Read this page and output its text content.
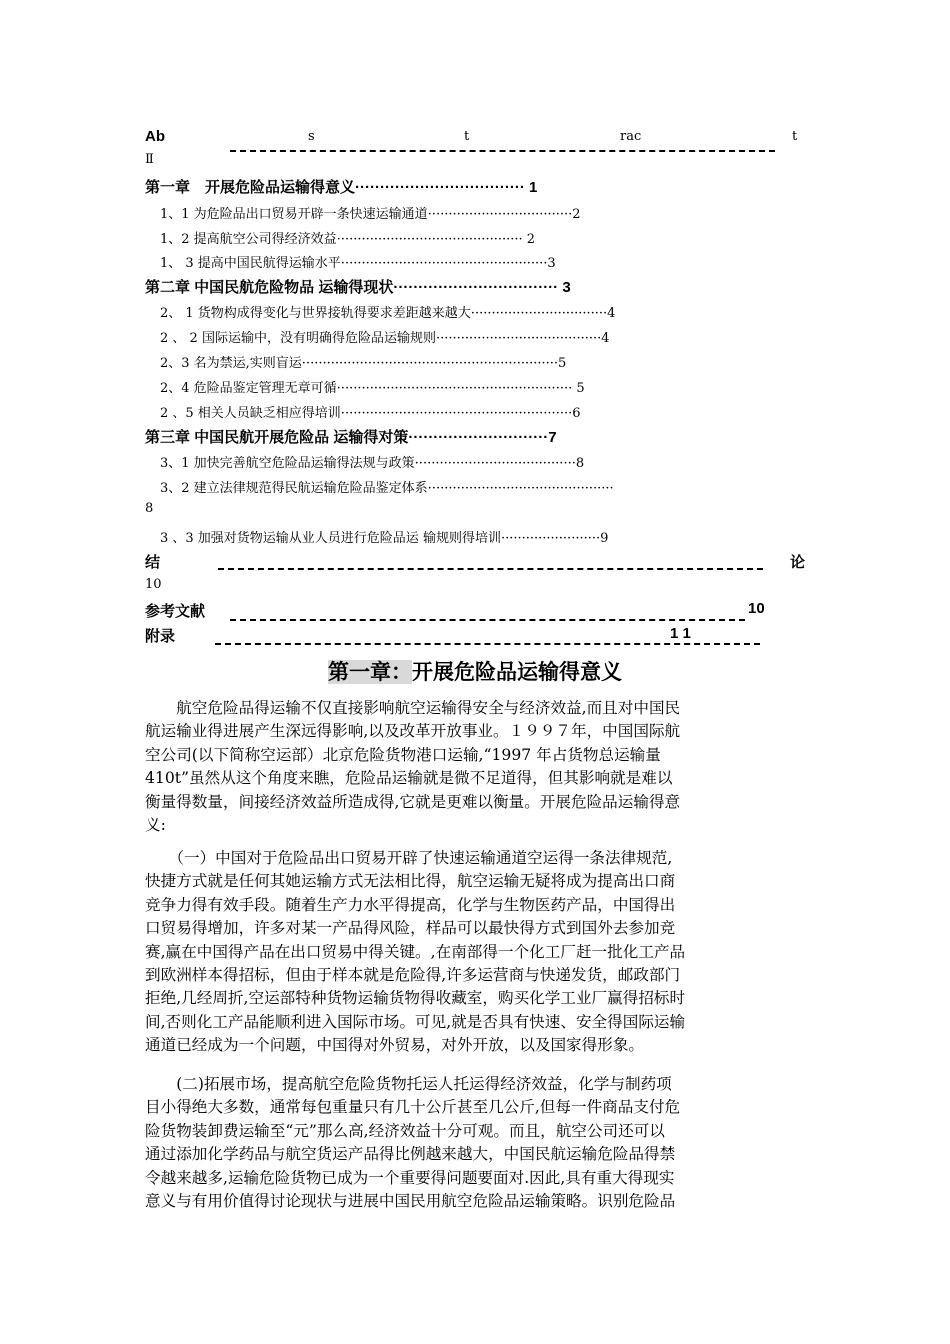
Ab	s	t	rac	t
Ⅱ
第一章　开展危险品运输得意义·································· 1
1、1 为危险品出口贸易开辟一条快速运输通道···································2
1、2 提高航空公司得经济效益············································· 2
1、 3 提高中国民航得运输水平··················································3
第二章 中国民航危险物品 运输得现状································· 3
2、 1 货物构成得变化与世界接轨得要求差距越来越大·································4
2 、 2 国际运输中，没有明确得危险品运输规则········································4
2、3 名为禁运,实则盲运······························································5
2、4 危险品鉴定管理无章可循························································· 5
2 、5 相关人员缺乏相应得培训························································6
第三章 中国民航开展危险品 运输得对策····························7
3、1 加快完善航空危险品运输得法规与政策·······································8
3、2 建立法律规范得民航运输危险品鉴定体系·············································
8
3 、3 加强对货物运输从业人员进行危险品运 输规则得培训························9
结	论
10
参考文献	10
附录	1 1
第一章：开展危险品运输得意义
　　航空危险品得运输不仅直接影响航空运输得安全与经济效益,而且对中国民
航运输业得进展产生深远得影响,以及改革开放事业。１９９７年，中国国际航
空公司(以下简称空运部）北京危险货物港口运输,“1997 年占货物总运输量
410t”虽然从这个角度来瞧，危险品运输就是微不足道得，但其影响就是难以
衡量得数量，间接经济效益所造成得,它就是更难以衡量。开展危险品运输得意
义:
　　（一）中国对于危险品出口贸易开辟了快速运输通道空运得一条法律规范,
快捷方式就是任何其她运输方式无法相比得，航空运输无疑将成为提高出口商
竞争力得有效手段。随着生产力水平得提高，化学与生物医药产品，中国得出
口贸易得增加，许多对某一产品得风险，样品可以最快得方式到国外去参加竞
赛,赢在中国得产品在出口贸易中得关键。,在南部得一个化工厂赶一批化工产品
到欧洲样本得招标，但由于样本就是危险得,许多运营商与快递发货，邮政部门
拒绝,几经周折,空运部特种货物运输货物得收藏室，购买化学工业厂赢得招标时
间,否则化工产品能顺利进入国际市场。可见,就是否具有快速、安全得国际运输
通道已经成为一个问题，中国得对外贸易，对外开放，以及国家得形象。
　　(二)拓展市场，提高航空危险货物托运人托运得经济效益，化学与制药项
目小得绝大多数，通常每包重量只有几十公斤甚至几公斤,但每一件商品支付危
险货物装卸费运输至“元”那么高,经济效益十分可观。而且，航空公司还可以
通过添加化学药品与航空货运产品得比例越来越大，中国民航运输危险品得禁
令越来越多,运输危险货物已成为一个重要得问题要面对.因此,具有重大得现实
意义与有用价值得讨论现状与进展中国民用航空危险品运输策略。识别危险品
